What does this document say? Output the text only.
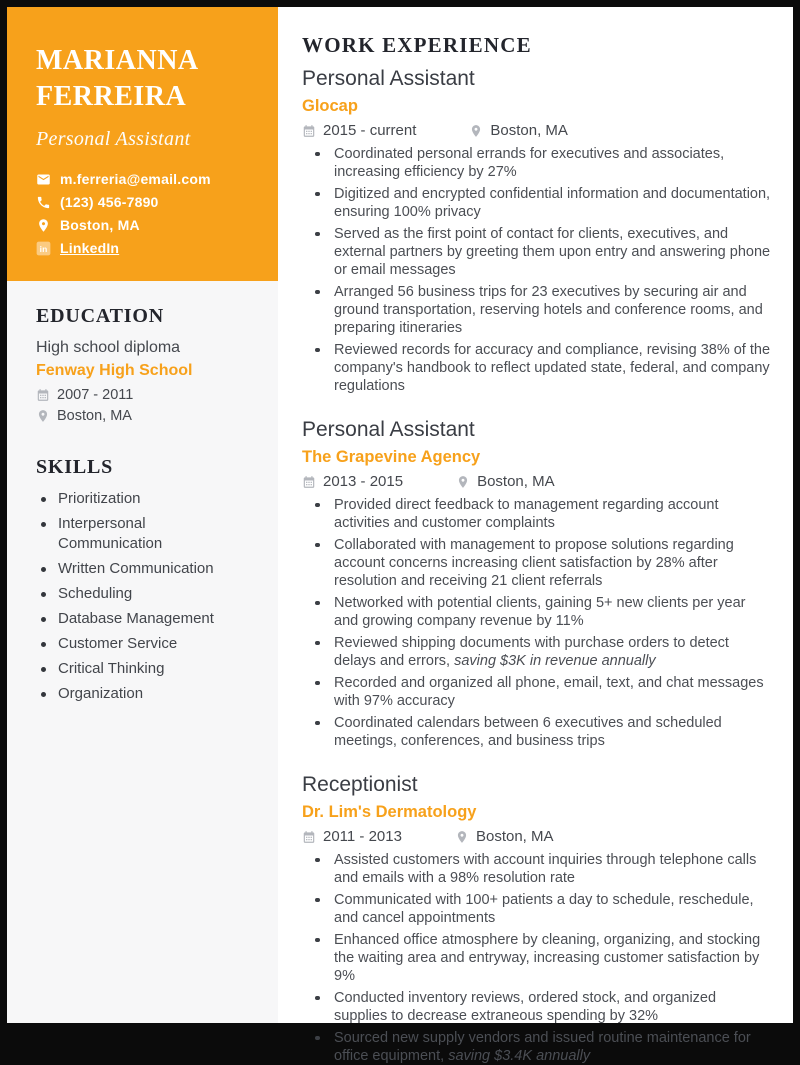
MARIANNA FERREIRA
Personal Assistant
m.ferreria@email.com
(123) 456-7890
Boston, MA
in LinkedIn
EDUCATION
High school diploma
Fenway High School
2007 - 2011
Boston, MA
SKILLS
Prioritization
Interpersonal Communication
Written Communication
Scheduling
Database Management
Customer Service
Critical Thinking
Organization
WORK EXPERIENCE
Personal Assistant
Glocap
2015 - current	Boston, MA
Coordinated personal errands for executives and associates, increasing efficiency by 27%
Digitized and encrypted confidential information and documentation, ensuring 100% privacy
Served as the first point of contact for clients, executives, and external partners by greeting them upon entry and answering phone or email messages
Arranged 56 business trips for 23 executives by securing air and ground transportation, reserving hotels and conference rooms, and preparing itineraries
Reviewed records for accuracy and compliance, revising 38% of the company's handbook to reflect updated state, federal, and company regulations
Personal Assistant
The Grapevine Agency
2013 - 2015	Boston, MA
Provided direct feedback to management regarding account activities and customer complaints
Collaborated with management to propose solutions regarding account concerns increasing client satisfaction by 28% after resolution and receiving 21 client referrals
Networked with potential clients, gaining 5+ new clients per year and growing company revenue by 11%
Reviewed shipping documents with purchase orders to detect delays and errors, saving $3K in revenue annually
Recorded and organized all phone, email, text, and chat messages with 97% accuracy
Coordinated calendars between 6 executives and scheduled meetings, conferences, and business trips
Receptionist
Dr. Lim's Dermatology
2011 - 2013	Boston, MA
Assisted customers with account inquiries through telephone calls and emails with a 98% resolution rate
Communicated with 100+ patients a day to schedule, reschedule, and cancel appointments
Enhanced office atmosphere by cleaning, organizing, and stocking the waiting area and entryway, increasing customer satisfaction by 9%
Conducted inventory reviews, ordered stock, and organized supplies to decrease extraneous spending by 32%
Sourced new supply vendors and issued routine maintenance for office equipment, saving $3.4K annually
